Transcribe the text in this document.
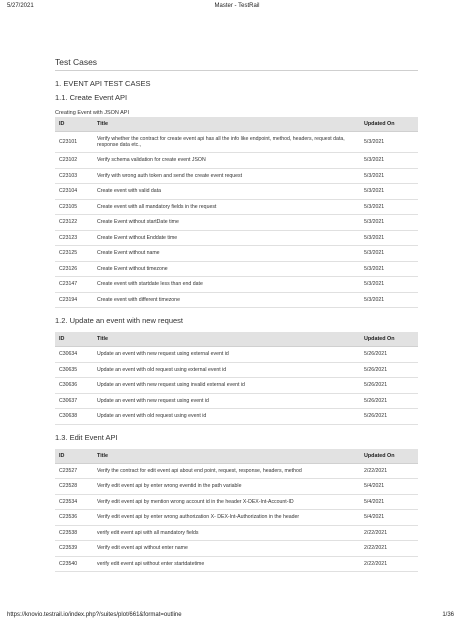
5/27/2021	Master - TestRail
Test Cases
1. EVENT API TEST CASES
1.1. Create Event API
Creating Event with JSON API
ID	Title	Updated On
C23101	Verify whether the contract for create event api has all the info like endpoint, method, headers, request data, response data etc.,	5/3/2021
C23102	Verify schema validation for create event JSON	5/3/2021
C23103	Verify with wrong auth token and send the create event request	5/3/2021
C23104	Create event with valid data	5/3/2021
C23105	Create event with all mandatory fields in the request	5/3/2021
C23122	Create Event without startDate time	5/3/2021
C23123	Create Event without Enddate time	5/3/2021
C23125	Create Event without name	5/3/2021
C23126	Create Event without timezone	5/3/2021
C23147	Create event with startdate less than end date	5/3/2021
C23194	Create event with different timezone	5/3/2021
1.2. Update an event with new request
ID	Title	Updated On
C30634	Update an event with new request using external event id	5/26/2021
C30635	Update an event with old request using external event id	5/26/2021
C30636	Update an event with new request using invalid external event id	5/26/2021
C30637	Update an event with new request using event id	5/26/2021
C30638	Update an event with old request using event id	5/26/2021
1.3. Edit Event API
ID	Title	Updated On
C23527	Verify the contract for edit event api about end point, request, response, headers, method	2/22/2021
C23528	Verify edit event api by enter wrong eventid in the path variable	5/4/2021
C23534	Verify edit event api by mention wrong account id in the header X-DEX-Int-Account-ID	5/4/2021
C23536	Verify edit event api by enter wrong authorization X- DEX-Int-Authorization in the header	5/4/2021
C23538	verify edit event api with all mandatory fields	2/22/2021
C23539	Verify edit event api without enter name	2/22/2021
C23540	verify edit event api without enter startdatetime	2/22/2021
https://knovio.testrail.io/index.php?/suites/plot/661&format=outline	1/36
